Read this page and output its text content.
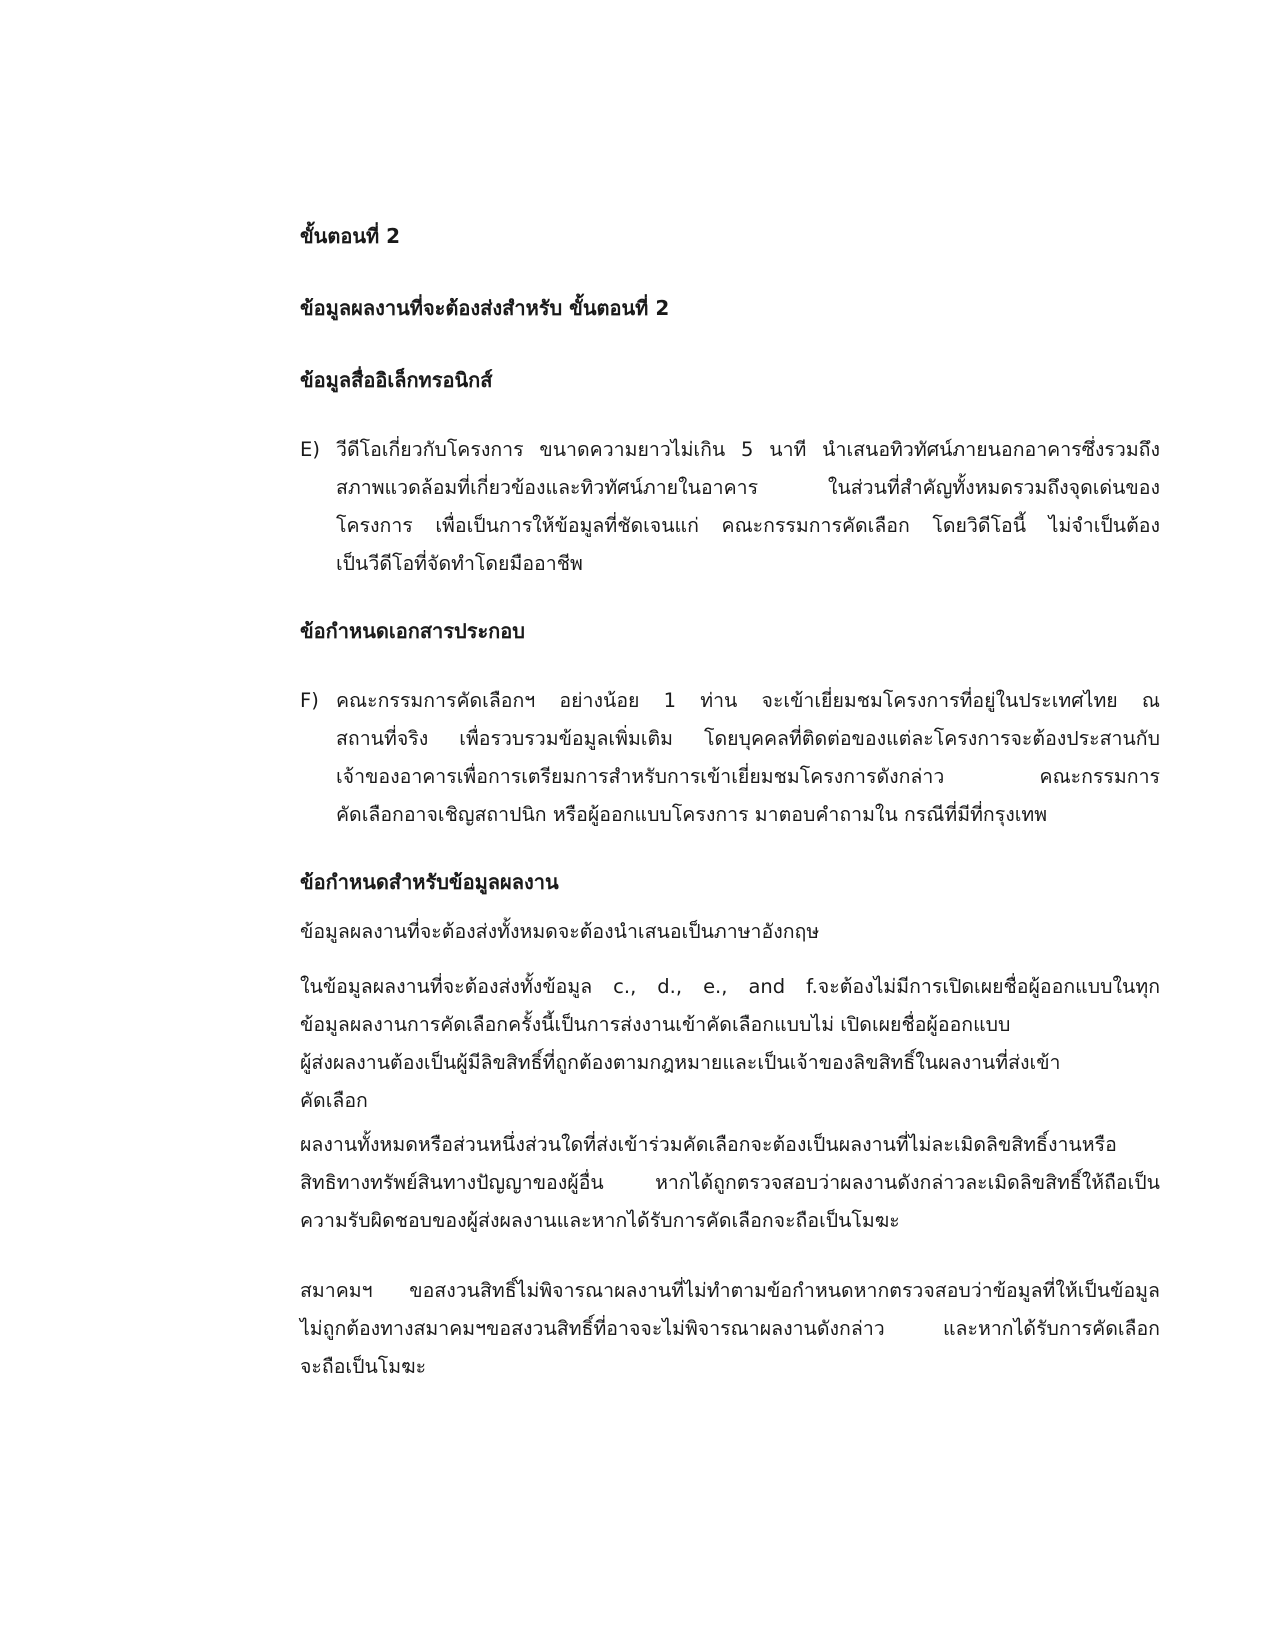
ขั้นตอนที่ 2
ข้อมูลผลงานที่จะต้องส่งสำหรับ ขั้นตอนที่ 2
ข้อมูลสื่ออิเล็กทรอนิกส์
E) วีดีโอเกี่ยวกับโครงการ ขนาดความยาวไม่เกิน 5 นาที นำเสนอทิวทัศน์ภายนอกอาคารซึ่งรวมถึง
สภาพแวดล้อมที่เกี่ยวข้องและทิวทัศน์ภายในอาคาร ในส่วนที่สำคัญทั้งหมดรวมถึงจุดเด่นของ
โครงการ เพื่อเป็นการให้ข้อมูลที่ชัดเจนแก่ คณะกรรมการคัดเลือก โดยวิดีโอนี้ ไม่จำเป็นต้อง
เป็นวีดีโอที่จัดทำโดยมืออาชีพ
ข้อกำหนดเอกสารประกอบ
F) คณะกรรมการคัดเลือกฯ อย่างน้อย 1 ท่าน จะเข้าเยี่ยมชมโครงการที่อยู่ในประเทศไทย ณ
สถานที่จริง เพื่อรวบรวมข้อมูลเพิ่มเติม โดยบุคคลที่ติดต่อของแต่ละโครงการจะต้องประสานกับ
เจ้าของอาคารเพื่อการเตรียมการสำหรับการเข้าเยี่ยมชมโครงการดังกล่าว คณะกรรมการ
คัดเลือกอาจเชิญสถาปนิก หรือผู้ออกแบบโครงการ มาตอบคำถามใน กรณีที่มีที่กรุงเทพ
ข้อกำหนดสำหรับข้อมูลผลงาน
ข้อมูลผลงานที่จะต้องส่งทั้งหมดจะต้องนำเสนอเป็นภาษาอังกฤษ
ในข้อมูลผลงานที่จะต้องส่งทั้งข้อมูล c., d., e., and f.จะต้องไม่มีการเปิดเผยชื่อผู้ออกแบบในทุก
ข้อมูลผลงานการคัดเลือกครั้งนี้เป็นการส่งงานเข้าคัดเลือกแบบไม่ เปิดเผยชื่อผู้ออกแบบ
ผู้ส่งผลงานต้องเป็นผู้มีลิขสิทธิ์ที่ถูกต้องตามกฎหมายและเป็นเจ้าของลิขสิทธิ์ในผลงานที่ส่งเข้า
คัดเลือก
ผลงานทั้งหมดหรือส่วนหนึ่งส่วนใดที่ส่งเข้าร่วมคัดเลือกจะต้องเป็นผลงานที่ไม่ละเมิดลิขสิทธิ์งานหรือ
สิทธิทางทรัพย์สินทางปัญญาของผู้อื่น หากได้ถูกตรวจสอบว่าผลงานดังกล่าวละเมิดลิขสิทธิ์ให้ถือเป็น
ความรับผิดชอบของผู้ส่งผลงานและหากได้รับการคัดเลือกจะถือเป็นโมฆะ
สมาคมฯ ขอสงวนสิทธิ์ไม่พิจารณาผลงานที่ไม่ทำตามข้อกำหนดหากตรวจสอบว่าข้อมูลที่ให้เป็นข้อมูล
ไม่ถูกต้องทางสมาคมฯขอสงวนสิทธิ์ที่อาจจะไม่พิจารณาผลงานดังกล่าว และหากได้รับการคัดเลือก
จะถือเป็นโมฆะ
